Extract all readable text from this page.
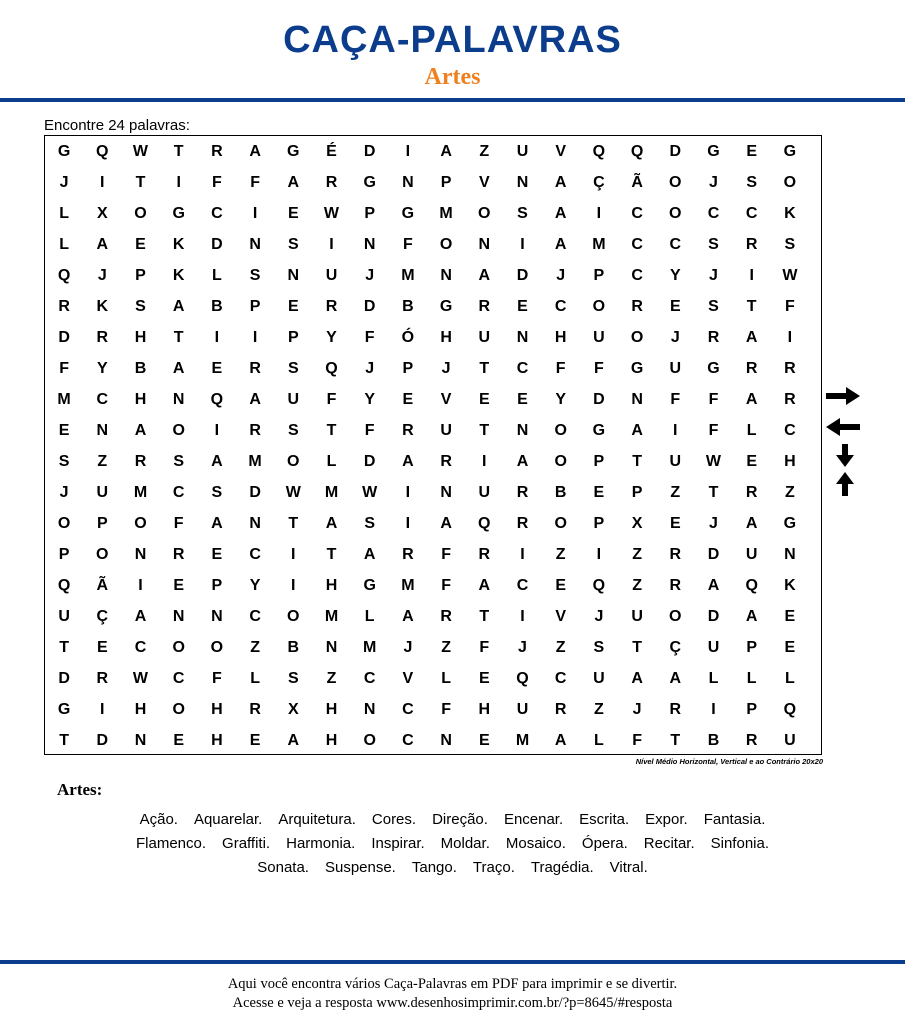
CAÇA-PALAVRAS
Artes
Encontre 24 palavras:
G	Q	W	T	R	A	G	É	D	I	A	Z	U	V	Q	Q	D	G	E	G
J	I	T	I	F	F	A	R	G	N	P	V	N	A	Ç	Ã	O	J	S	O
L	X	O	G	C	I	E	W	P	G	M	O	S	A	I	C	O	C	C	K
L	A	E	K	D	N	S	I	N	F	O	N	I	A	M	C	C	S	R	S
Q	J	P	K	L	S	N	U	J	M	N	A	D	J	P	C	Y	J	I	W
R	K	S	A	B	P	E	R	D	B	G	R	E	C	O	R	E	S	T	F
D	R	H	T	I	I	P	Y	F	Ó	H	U	N	H	U	O	J	R	A	I
F	Y	B	A	E	R	S	Q	J	P	J	T	C	F	F	G	U	G	R	R
M	C	H	N	Q	A	U	F	Y	E	V	E	E	Y	D	N	F	F	A	R
E	N	A	O	I	R	S	T	F	R	U	T	N	O	G	A	I	F	L	C
S	Z	R	S	A	M	O	L	D	A	R	I	A	O	P	T	U	W	E	H
J	U	M	C	S	D	W	M	W	I	N	U	R	B	E	P	Z	T	R	Z
O	P	O	F	A	N	T	A	S	I	A	Q	R	O	P	X	E	J	A	G
P	O	N	R	E	C	I	T	A	R	F	R	I	Z	I	Z	R	D	U	N
Q	Ã	I	E	P	Y	I	H	G	M	F	A	C	E	Q	Z	R	A	Q	K
U	Ç	A	N	N	C	O	M	L	A	R	T	I	V	J	U	O	D	A	E
T	E	C	O	O	Z	B	N	M	J	Z	F	J	Z	S	T	Ç	U	P	E
D	R	W	C	F	L	S	Z	C	V	L	E	Q	C	U	A	A	L	L	L
G	I	H	O	H	R	X	H	N	C	F	H	U	R	Z	J	R	I	P	Q
T	D	N	E	H	E	A	H	O	C	N	E	M	A	L	F	T	B	R	U
Nível Médio Horizontal, Vertical e ao Contrário 20x20
Artes:
Ação. Aquarelar. Arquitetura. Cores. Direção. Encenar. Escrita. Expor. Fantasia.
Flamenco. Graffiti. Harmonia. Inspirar. Moldar. Mosaico. Ópera. Recitar. Sinfonia.
Sonata. Suspense. Tango. Traço. Tragédia. Vitral.
Aqui você encontra vários Caça-Palavras em PDF para imprimir e se divertir.
Acesse e veja a resposta www.desenhosimprimir.com.br/?p=8645/#resposta
